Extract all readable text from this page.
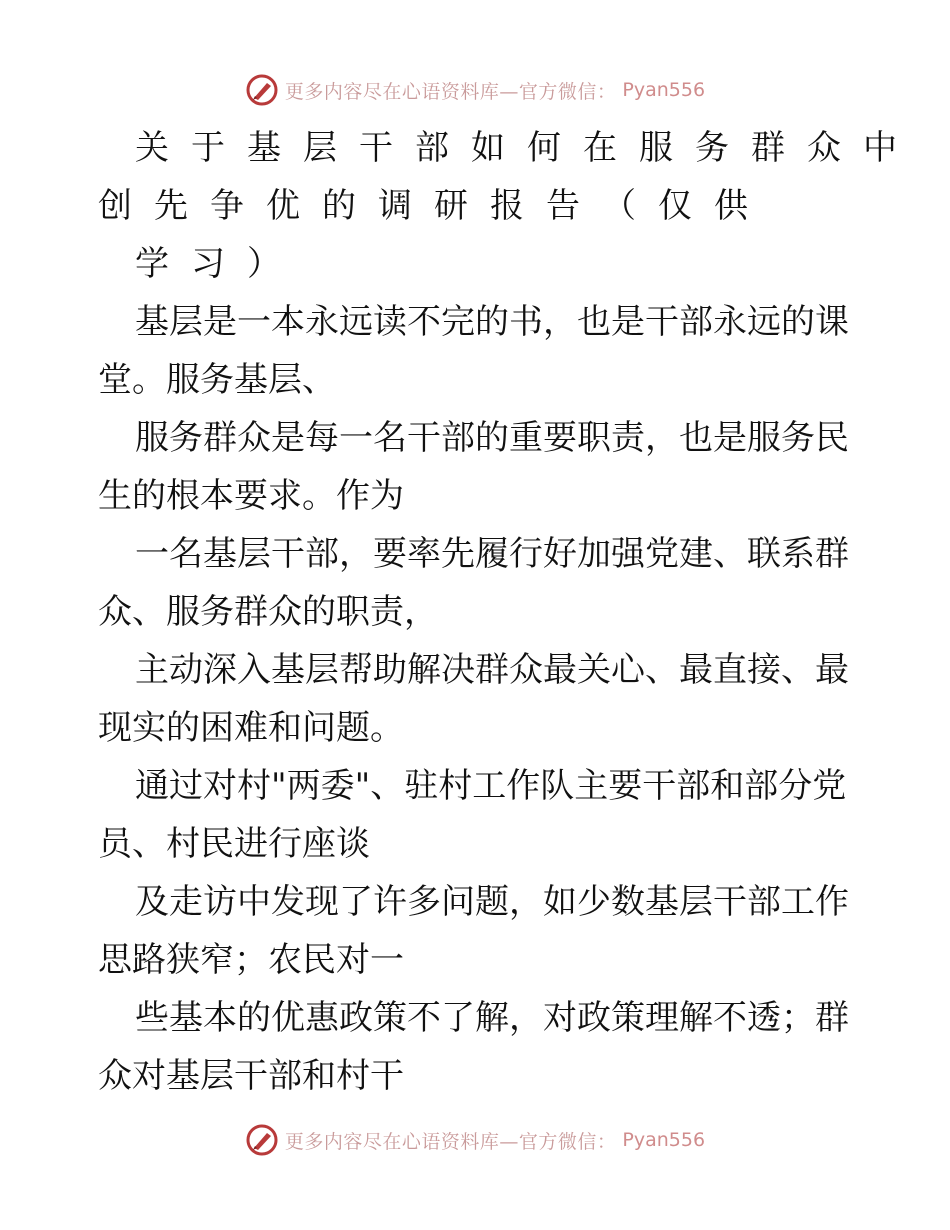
更多内容尽在心语资料库—官方微信： Pyan556
关于基层干部如何在服务群众中
创先争优的调研报告（仅供
学习）
基层是一本永远读不完的书，也是干部永远的课
堂。服务基层、
服务群众是每一名干部的重要职责，也是服务民
生的根本要求。作为
一名基层干部，要率先履行好加强党建、联系群
众、服务群众的职责，
主动深入基层帮助解决群众最关心、最直接、最
现实的困难和问题。
通过对村"两委"、驻村工作队主要干部和部分党
员、村民进行座谈
及走访中发现了许多问题，如少数基层干部工作
思路狭窄；农民对一
些基本的优惠政策不了解，对政策理解不透；群
众对基层干部和村干
更多内容尽在心语资料库—官方微信： Pyan556
